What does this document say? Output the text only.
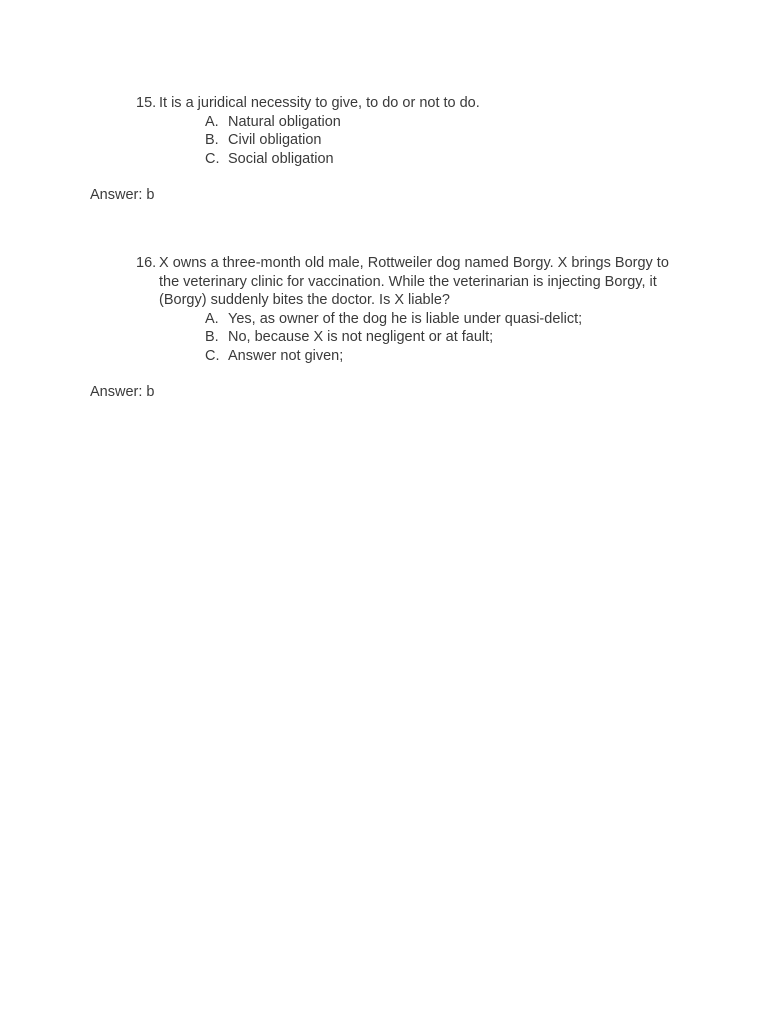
15. It is a juridical necessity to give, to do or not to do.
A. Natural obligation
B. Civil obligation
C. Social obligation
Answer: b
16. X owns a three-month old male, Rottweiler dog named Borgy. X brings Borgy to the veterinary clinic for vaccination. While the veterinarian is injecting Borgy, it (Borgy) suddenly bites the doctor. Is X liable?
A. Yes, as owner of the dog he is liable under quasi-delict;
B. No, because X is not negligent or at fault;
C. Answer not given;
Answer: b
